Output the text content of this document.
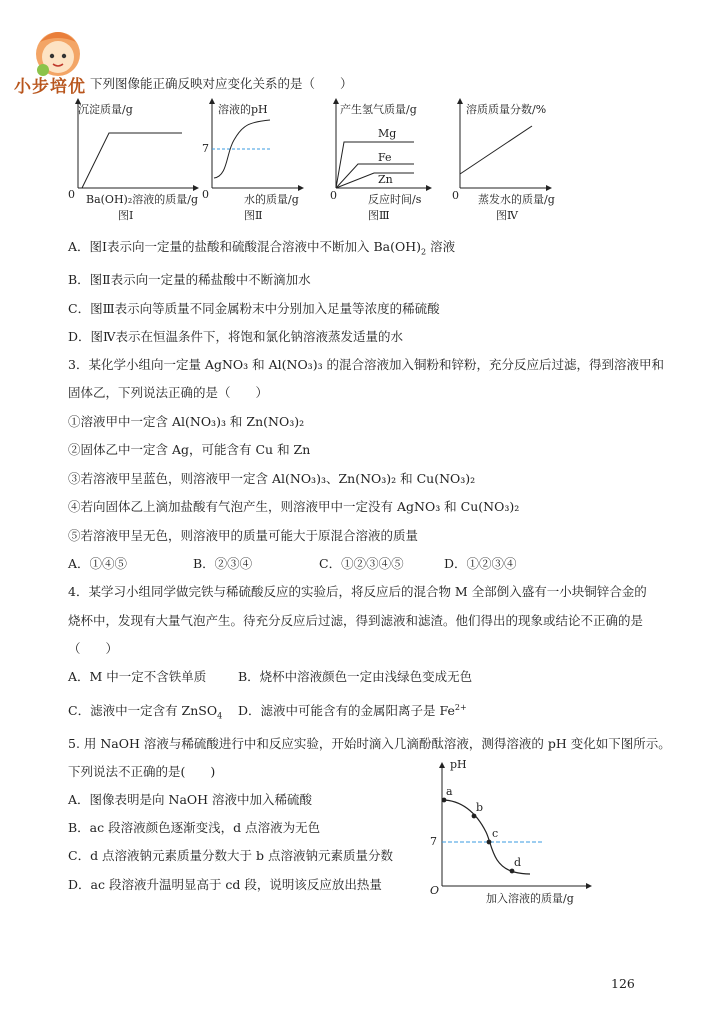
小步培优 下列图像能正确反映对应变化关系的是（　　）
沉淀质量/g
0 Ba(OH)₂溶液的质量/g
图Ⅰ
溶液的pH
7
0	水的质量/g
图Ⅱ
产生氢气质量/g
Mg
Fe
Zn
0	反应时间/s
图Ⅲ
溶质质量分数/%
0 蒸发水的质量/g
图Ⅳ
A．图Ⅰ表示向一定量的盐酸和硫酸混合溶液中不断加入 $Ba(OH)_2$ 溶液
B．图Ⅱ表示向一定量的稀盐酸中不断滴加水
C．图Ⅲ表示向等质量不同金属粉末中分别加入足量等浓度的稀硫酸
D．图Ⅳ表示在恒温条件下，将饱和氯化钠溶液蒸发适量的水
3．某化学小组向一定量 AgNO₃ 和 Al(NO₃)₃ 的混合溶液加入铜粉和锌粉，充分反应后过滤，得到溶液甲和
固体乙，下列说法正确的是（　　）
①溶液甲中一定含 Al(NO₃)₃ 和 Zn(NO₃)₂
②固体乙中一定含 Ag，可能含有 Cu 和 Zn
③若溶液甲呈蓝色，则溶液甲一定含 Al(NO₃)₃、Zn(NO₃)₂ 和 Cu(NO₃)₂
④若向固体乙上滴加盐酸有气泡产生，则溶液甲中一定没有 AgNO₃ 和 Cu(NO₃)₂
⑤若溶液甲呈无色，则溶液甲的质量可能大于原混合溶液的质量
A．①④⑤	B．②③④	C．①②③④⑤	D．①②③④
4．某学习小组同学做完铁与稀硫酸反应的实验后，将反应后的混合物 M 全部倒入盛有一小块铜锌合金的
烧杯中，发现有大量气泡产生。待充分反应后过滤，得到滤液和滤渣。他们得出的现象或结论不正确的是
（　　）
A．M 中一定不含铁单质	B．烧杯中溶液颜色一定由浅绿色变成无色
C．滤液中一定含有 ZnSO$_4$ D．滤液中可能含有的金属阳离子是 $Fe^{2+}$
5. 用 NaOH 溶液与稀硫酸进行中和反应实验，开始时滴入几滴酚酞溶液，测得溶液的 pH 变化如下图所示。
下列说法不正确的是(　　)
A．图像表明是向 NaOH 溶液中加入稀硫酸
B．ac 段溶液颜色逐渐变浅，d 点溶液为无色
C．d 点溶液钠元素质量分数大于 b 点溶液钠元素质量分数
D．ac 段溶液升温明显高于 cd 段，说明该反应放出热量
pH
7
O
加入溶液的质量/g
a
b
c
d
126
